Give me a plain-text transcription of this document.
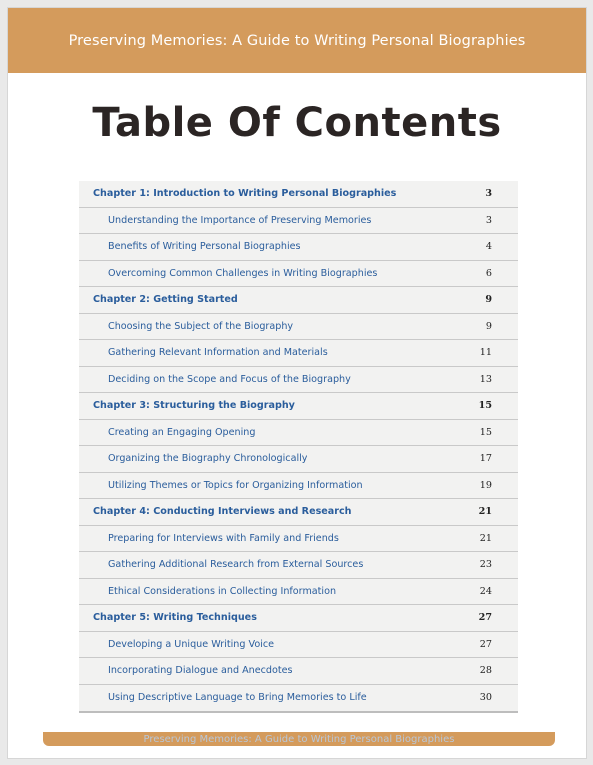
Preserving Memories: A Guide to Writing Personal Biographies
Table Of Contents
Chapter 1: Introduction to Writing Personal Biographies	3
Understanding the Importance of Preserving Memories	3
Benefits of Writing Personal Biographies	4
Overcoming Common Challenges in Writing Biographies	6
Chapter 2: Getting Started	9
Choosing the Subject of the Biography	9
Gathering Relevant Information and Materials	11
Deciding on the Scope and Focus of the Biography	13
Chapter 3: Structuring the Biography	15
Creating an Engaging Opening	15
Organizing the Biography Chronologically	17
Utilizing Themes or Topics for Organizing Information	19
Chapter 4: Conducting Interviews and Research	21
Preparing for Interviews with Family and Friends	21
Gathering Additional Research from External Sources	23
Ethical Considerations in Collecting Information	24
Chapter 5: Writing Techniques	27
Developing a Unique Writing Voice	27
Incorporating Dialogue and Anecdotes	28
Using Descriptive Language to Bring Memories to Life	30
Preserving Memories: A Guide to Writing Personal Biographies
